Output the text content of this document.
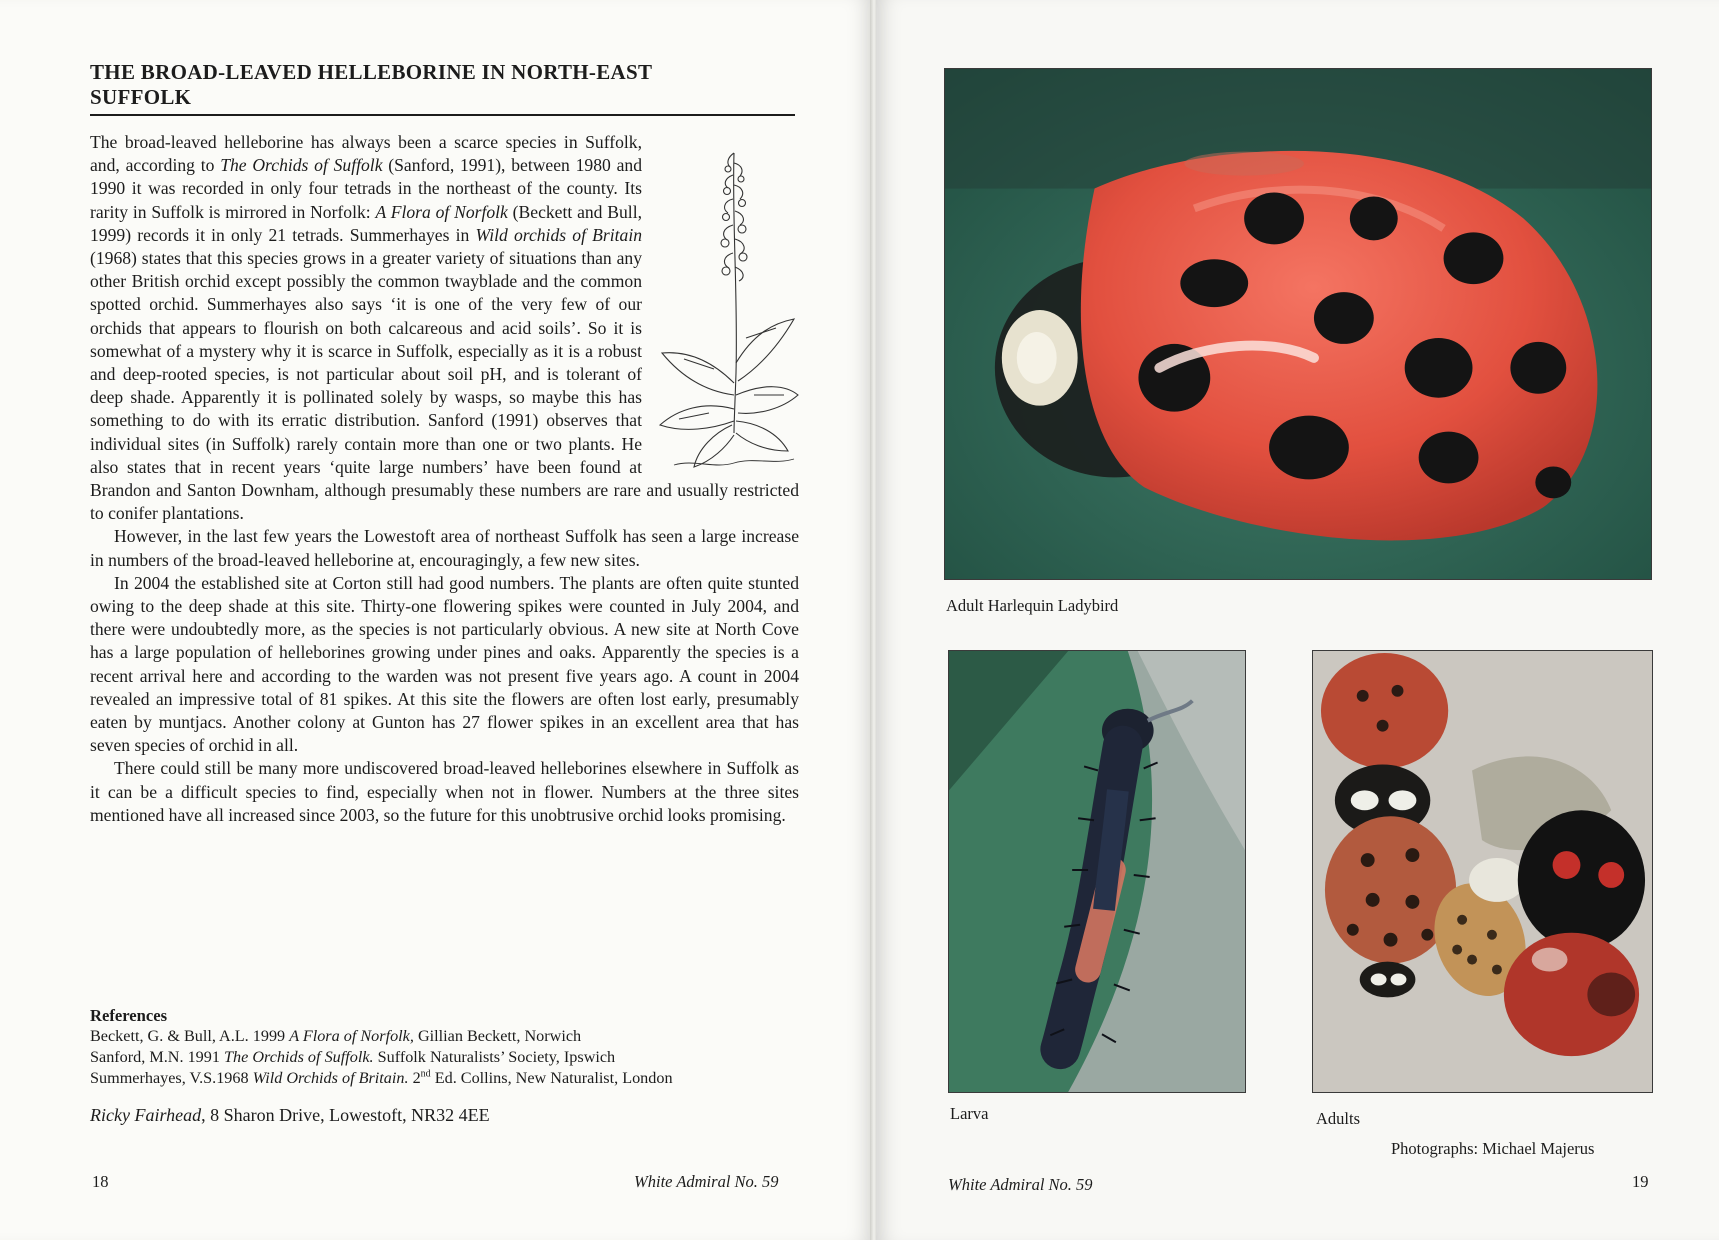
THE BROAD-LEAVED HELLEBORINE IN NORTH-EAST
SUFFOLK

The broad-leaved helleborine has always been a scarce species in Suffolk, and, according to The Orchids of Suffolk (Sanford, 1991), between 1980 and 1990 it was recorded in only four tetrads in the northeast of the county. Its rarity in Suffolk is mirrored in Norfolk: A Flora of Norfolk (Beckett and Bull, 1999) records it in only 21 tetrads. Summerhayes in Wild orchids of Britain (1968) states that this species grows in a greater variety of situations than any other British orchid except possibly the common twayblade and the common spotted orchid. Summerhayes also says ‘it is one of the very few of our orchids that appears to flourish on both calcareous and acid soils’. So it is somewhat of a mystery why it is scarce in Suffolk, especially as it is a robust and deep-rooted species, is not particular about soil pH, and is tolerant of deep shade. Apparently it is pollinated solely by wasps, so maybe this has something to do with its erratic distribution. Sanford (1991) observes that individual sites (in Suffolk) rarely contain more than one or two plants. He also states that in recent years ‘quite large numbers’ have been found at Brandon and Santon Downham, although presumably these numbers are rare and usually restricted to conifer plantations.

However, in the last few years the Lowestoft area of northeast Suffolk has seen a large increase in numbers of the broad-leaved helleborine at, encouragingly, a few new sites.

In 2004 the established site at Corton still had good numbers. The plants are often quite stunted owing to the deep shade at this site. Thirty-one flowering spikes were counted in July 2004, and there were undoubtedly more, as the species is not particularly obvious. A new site at North Cove has a large population of helleborines growing under pines and oaks. Apparently the species is a recent arrival here and according to the warden was not present five years ago. A count in 2004 revealed an impressive total of 81 spikes. At this site the flowers are often lost early, presumably eaten by muntjacs. Another colony at Gunton has 27 flower spikes in an excellent area that has seven species of orchid in all.

There could still be many more undiscovered broad-leaved helleborines elsewhere in Suffolk as it can be a difficult species to find, especially when not in flower. Numbers at the three sites mentioned have all increased since 2003, so the future for this unobtrusive orchid looks promising.

References
Beckett, G. & Bull, A.L. 1999 A Flora of Norfolk, Gillian Beckett, Norwich
Sanford, M.N. 1991 The Orchids of Suffolk. Suffolk Naturalists’ Society, Ipswich
Summerhayes, V.S.1968 Wild Orchids of Britain. 2nd Ed. Collins, New Naturalist, London
Ricky Fairhead, 8 Sharon Drive, Lowestoft, NR32 4EE
18	White Admiral No. 59
Adult Harlequin Ladybird
Larva	Adults
Photographs: Michael Majerus
White Admiral No. 59	19
